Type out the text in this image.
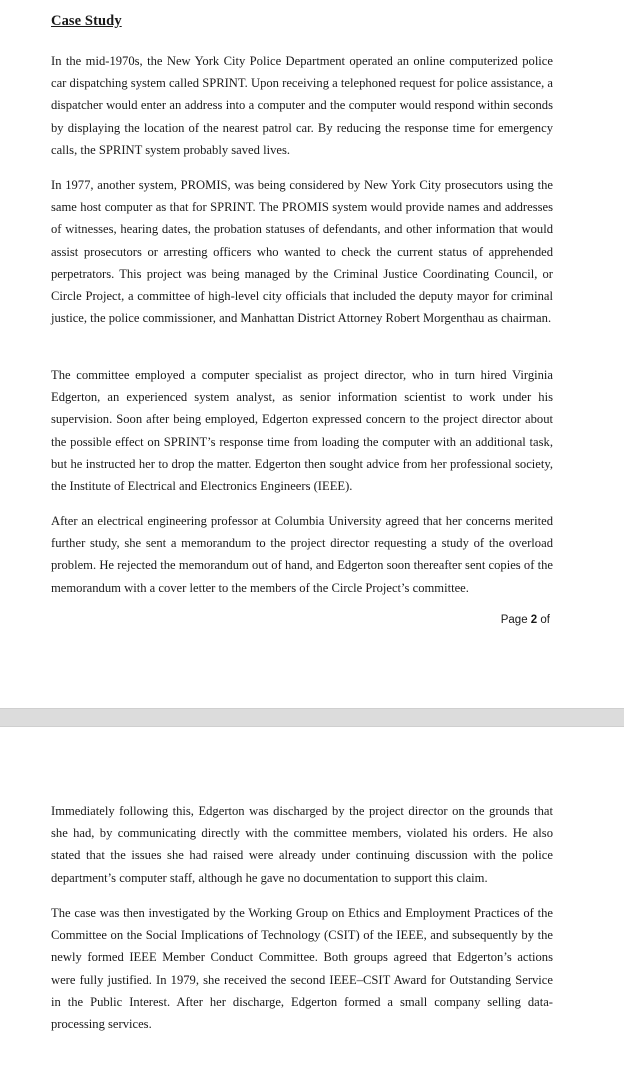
Case Study

In the mid-1970s, the New York City Police Department operated an online computerized police car dispatching system called SPRINT. Upon receiving a telephoned request for police assistance, a dispatcher would enter an address into a computer and the computer would respond within seconds by displaying the location of the nearest patrol car. By reducing the response time for emergency calls, the SPRINT system probably saved lives.

In 1977, another system, PROMIS, was being considered by New York City prosecutors using the same host computer as that for SPRINT. The PROMIS system would provide names and addresses of witnesses, hearing dates, the probation statuses of defendants, and other information that would assist prosecutors or arresting officers who wanted to check the current status of apprehended perpetrators. This project was being managed by the Criminal Justice Coordinating Council, or Circle Project, a committee of high-level city officials that included the deputy mayor for criminal justice, the police commissioner, and Manhattan District Attorney Robert Morgenthau as chairman.

The committee employed a computer specialist as project director, who in turn hired Virginia Edgerton, an experienced system analyst, as senior information scientist to work under his supervision. Soon after being employed, Edgerton expressed concern to the project director about the possible effect on SPRINT’s response time from loading the computer with an additional task, but he instructed her to drop the matter. Edgerton then sought advice from her professional society, the Institute of Electrical and Electronics Engineers (IEEE).

After an electrical engineering professor at Columbia University agreed that her concerns merited further study, she sent a memorandum to the project director requesting a study of the overload problem. He rejected the memorandum out of hand, and Edgerton soon thereafter sent copies of the memorandum with a cover letter to the members of the Circle Project’s committee.

Page 2 of

Immediately following this, Edgerton was discharged by the project director on the grounds that she had, by communicating directly with the committee members, violated his orders. He also stated that the issues she had raised were already under continuing discussion with the police department’s computer staff, although he gave no documentation to support this claim.

The case was then investigated by the Working Group on Ethics and Employment Practices of the Committee on the Social Implications of Technology (CSIT) of the IEEE, and subsequently by the newly formed IEEE Member Conduct Committee. Both groups agreed that Edgerton’s actions were fully justified. In 1979, she received the second IEEE–CSIT Award for Outstanding Service in the Public Interest. After her discharge, Edgerton formed a small company selling data-processing services.
